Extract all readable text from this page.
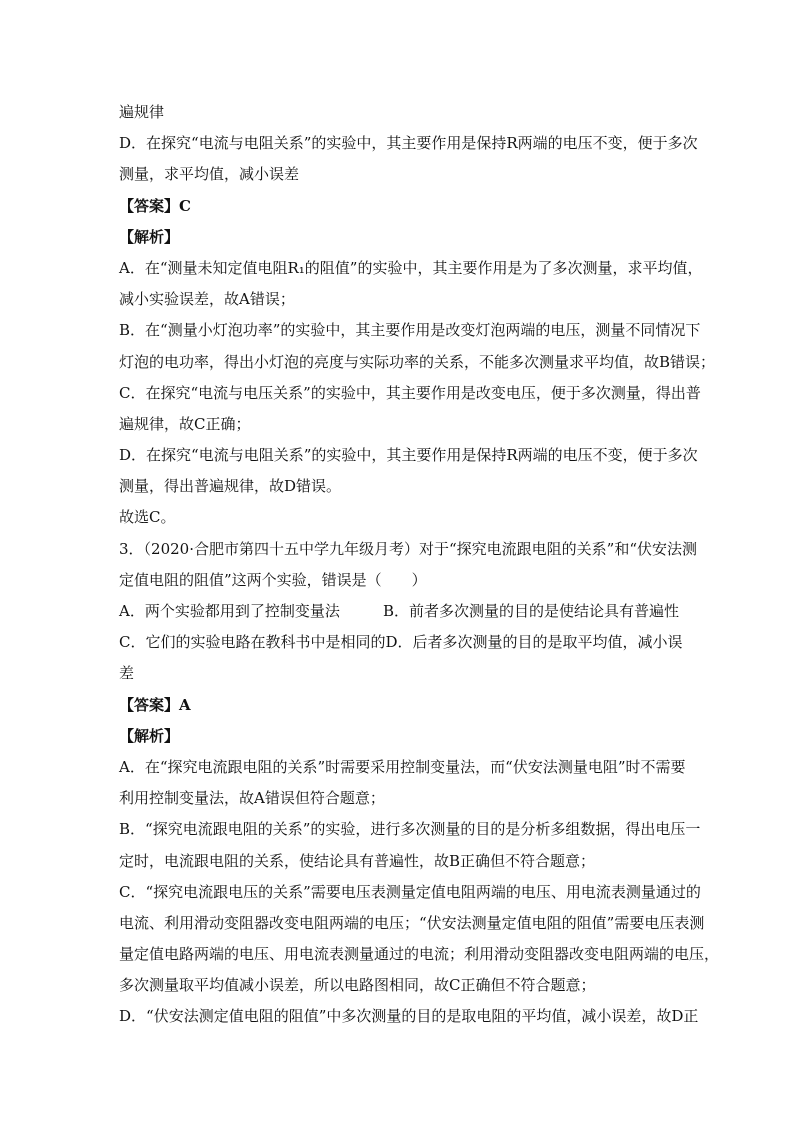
遍规律
D．在探究“电流与电阻关系”的实验中，其主要作用是保持R两端的电压不变，便于多次
测量，求平均值，减小误差
【答案】C
【解析】
A．在“测量未知定值电阻R₁的阻值”的实验中，其主要作用是为了多次测量，求平均值，
减小实验误差，故A错误；
B．在“测量小灯泡功率”的实验中，其主要作用是改变灯泡两端的电压，测量不同情况下
灯泡的电功率，得出小灯泡的亮度与实际功率的关系，不能多次测量求平均值，故B错误；
C．在探究“电流与电压关系”的实验中，其主要作用是改变电压，便于多次测量，得出普
遍规律，故C正确；
D．在探究“电流与电阻关系”的实验中，其主要作用是保持R两端的电压不变，便于多次
测量，得出普遍规律，故D错误。
故选C。
3．（2020·合肥市第四十五中学九年级月考）对于“探究电流跟电阻的关系”和“伏安法测
定值电阻的阻值”这两个实验，错误是（　　）
A．两个实验都用到了控制变量法	B．前者多次测量的目的是使结论具有普遍性
C．它们的实验电路在教科书中是相同的 D．后者多次测量的目的是取平均值，减小误
差
【答案】A
【解析】
A．在“探究电流跟电阻的关系”时需要采用控制变量法，而“伏安法测量电阻”时不需要
利用控制变量法，故A错误但符合题意；
B．“探究电流跟电阻的关系”的实验，进行多次测量的目的是分析多组数据，得出电压一
定时，电流跟电阻的关系，使结论具有普遍性，故B正确但不符合题意；
C．“探究电流跟电压的关系”需要电压表测量定值电阻两端的电压、用电流表测量通过的
电流、利用滑动变阻器改变电阻两端的电压；“伏安法测量定值电阻的阻值”需要电压表测
量定值电路两端的电压、用电流表测量通过的电流；利用滑动变阻器改变电阻两端的电压，
多次测量取平均值减小误差，所以电路图相同，故C正确但不符合题意；
D．“伏安法测定值电阻的阻值”中多次测量的目的是取电阻的平均值，减小误差，故D正
